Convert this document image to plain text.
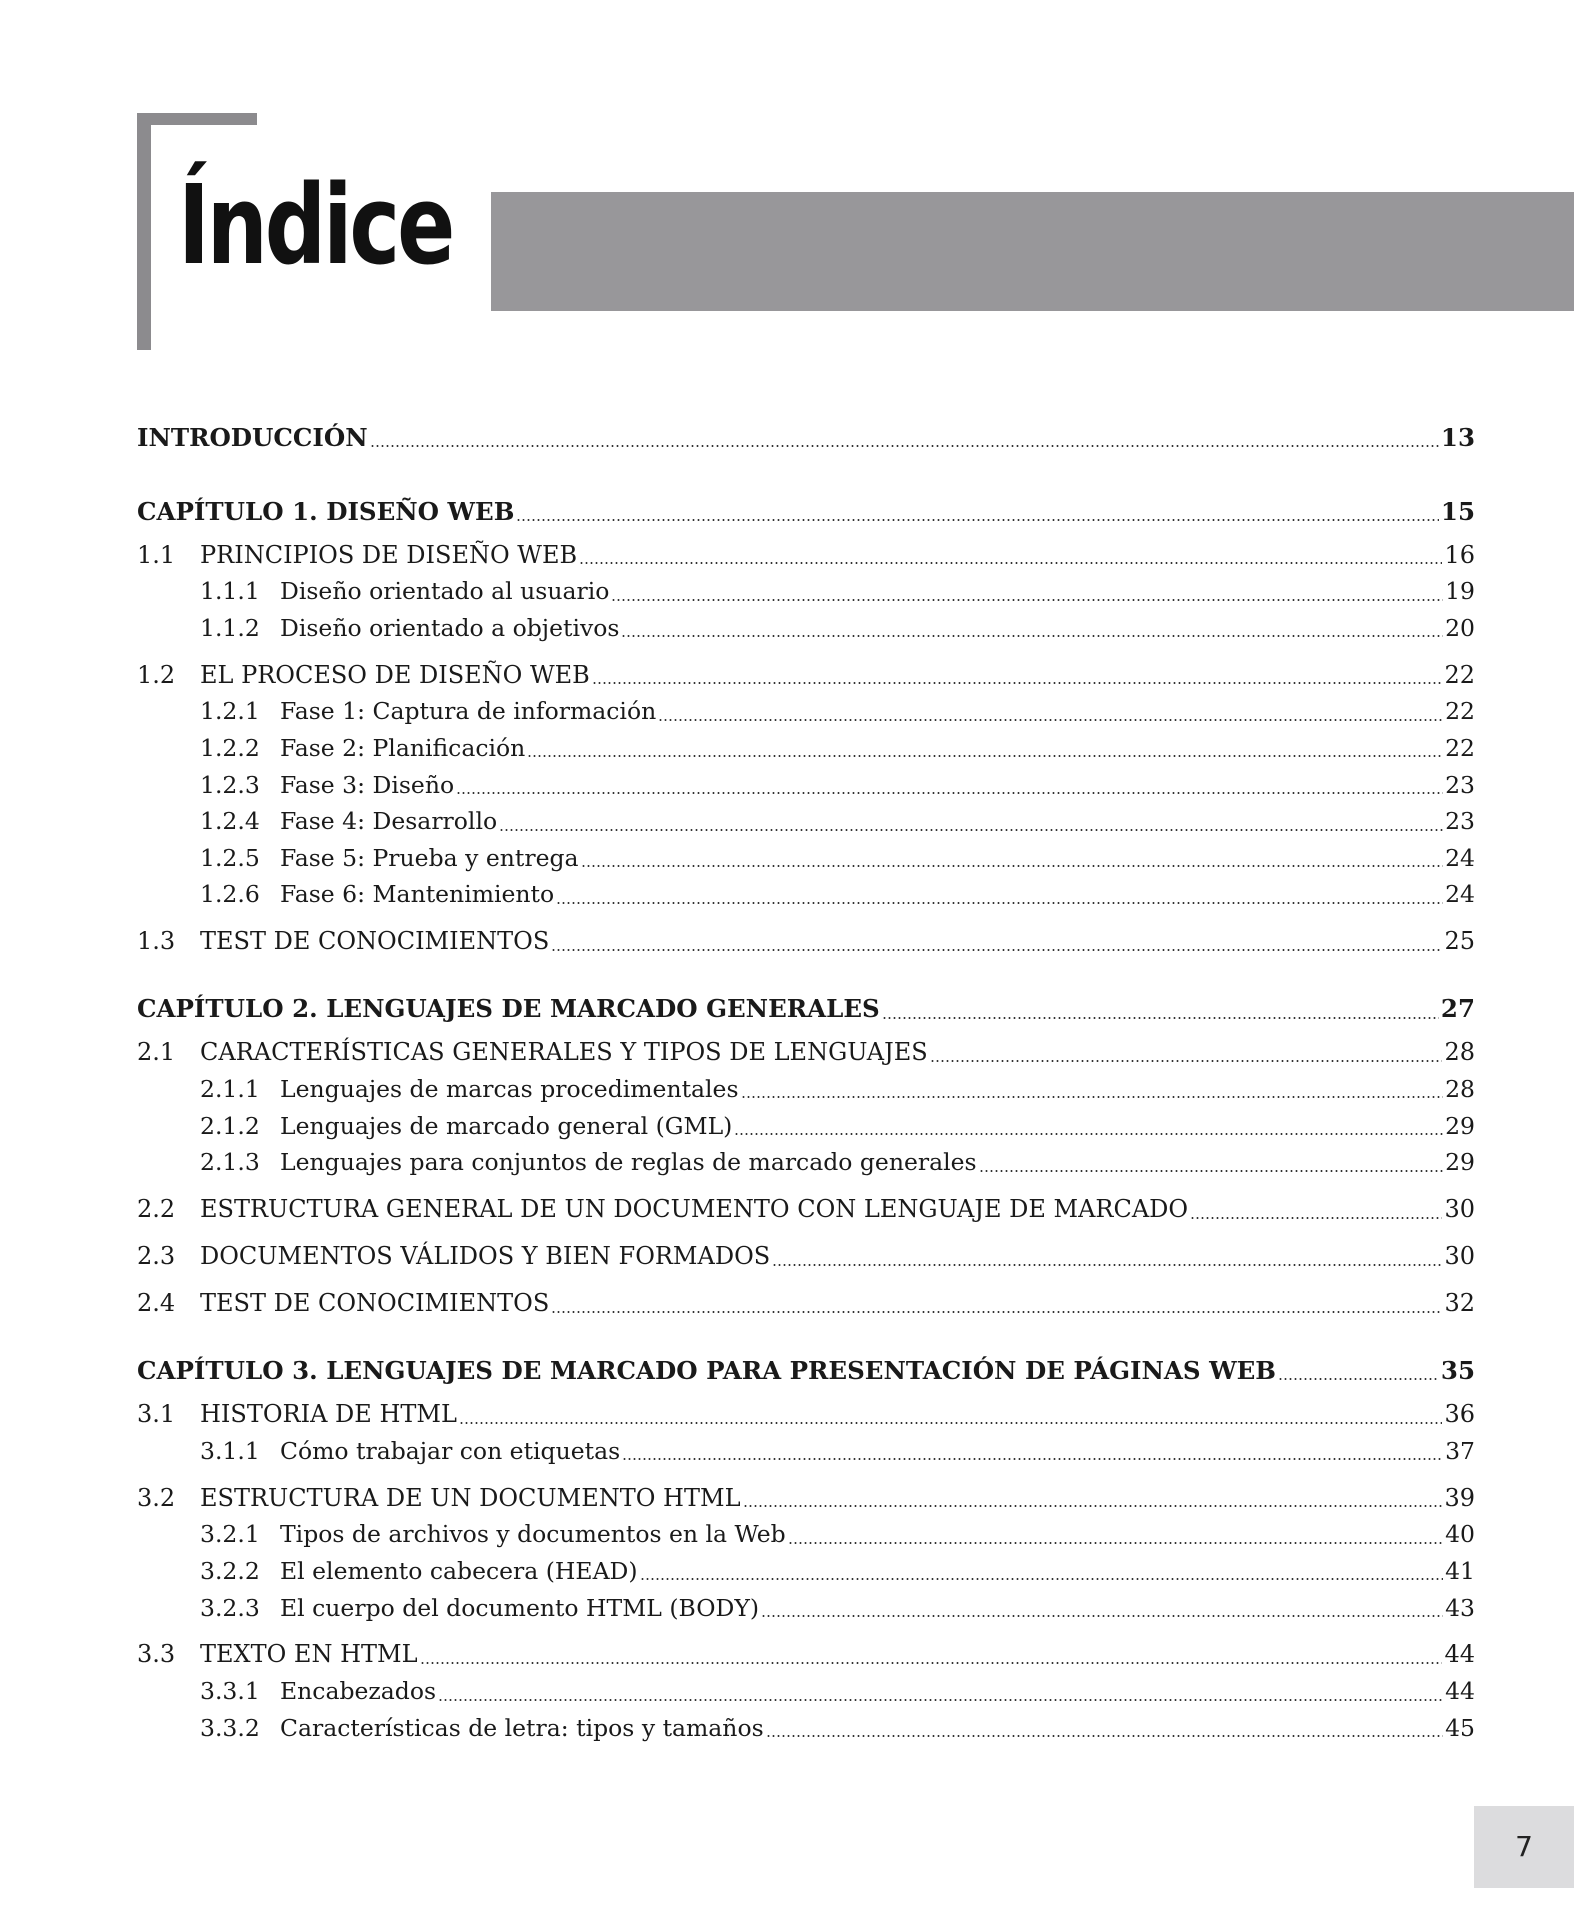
Índice
INTRODUCCIÓN	13
CAPÍTULO 1. DISEÑO WEB	15
1.1	PRINCIPIOS DE DISEÑO WEB	16
1.1.1 Diseño orientado al usuario	19
1.1.2 Diseño orientado a objetivos	20
1.2	EL PROCESO DE DISEÑO WEB	22
1.2.1 Fase 1: Captura de información	22
1.2.2 Fase 2: Planificación	22
1.2.3 Fase 3: Diseño	23
1.2.4 Fase 4: Desarrollo	23
1.2.5 Fase 5: Prueba y entrega	24
1.2.6 Fase 6: Mantenimiento	24
1.3	TEST DE CONOCIMIENTOS	25
CAPÍTULO 2. LENGUAJES DE MARCADO GENERALES	27
2.1	CARACTERÍSTICAS GENERALES Y TIPOS DE LENGUAJES	28
2.1.1 Lenguajes de marcas procedimentales	28
2.1.2 Lenguajes de marcado general (GML)	29
2.1.3 Lenguajes para conjuntos de reglas de marcado generales	29
2.2	ESTRUCTURA GENERAL DE UN DOCUMENTO CON LENGUAJE DE MARCADO	30
2.3	DOCUMENTOS VÁLIDOS Y BIEN FORMADOS	30
2.4	TEST DE CONOCIMIENTOS	32
CAPÍTULO 3. LENGUAJES DE MARCADO PARA PRESENTACIÓN DE PÁGINAS WEB	35
3.1	HISTORIA DE HTML	36
3.1.1 Cómo trabajar con etiquetas	37
3.2	ESTRUCTURA DE UN DOCUMENTO HTML	39
3.2.1 Tipos de archivos y documentos en la Web	40
3.2.2 El elemento cabecera (HEAD)	41
3.2.3 El cuerpo del documento HTML (BODY)	43
3.3	TEXTO EN HTML	44
3.3.1 Encabezados	44
3.3.2 Características de letra: tipos y tamaños	45
7
